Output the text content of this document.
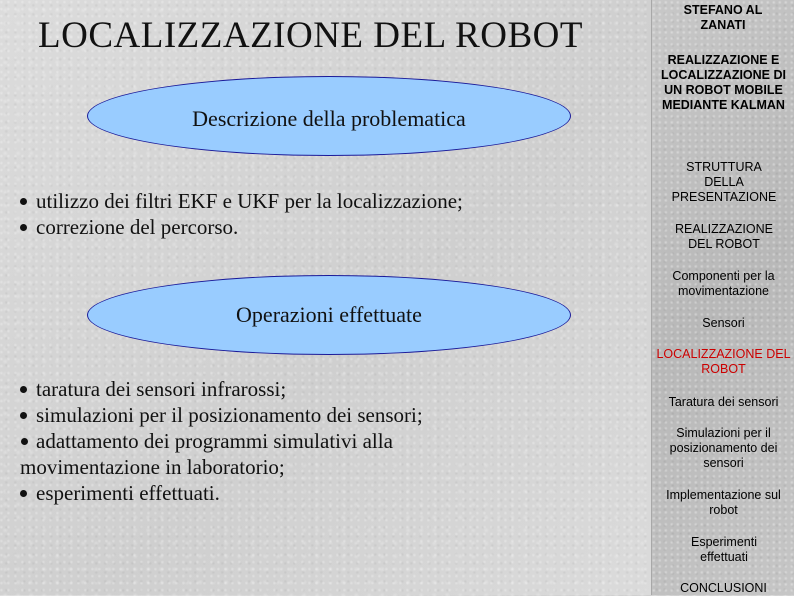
LOCALIZZAZIONE DEL ROBOT
Descrizione della problematica
utilizzo dei filtri EKF e UKF per la localizzazione;
correzione del percorso.
Operazioni effettuate
taratura dei sensori infrarossi;
simulazioni per il posizionamento dei sensori;
adattamento dei programmi simulativi alla movimentazione in laboratorio;
esperimenti effettuati.
STEFANO AL ZANATI
REALIZZAZIONE E LOCALIZZAZIONE DI UN ROBOT MOBILE MEDIANTE KALMAN
STRUTTURA DELLA PRESENTAZIONE
REALIZZAZIONE DEL ROBOT
Componenti per la movimentazione
Sensori
LOCALIZZAZIONE DEL ROBOT
Taratura dei sensori
Simulazioni per il posizionamento dei sensori
Implementazione sul robot
Esperimenti effettuati
CONCLUSIONI
